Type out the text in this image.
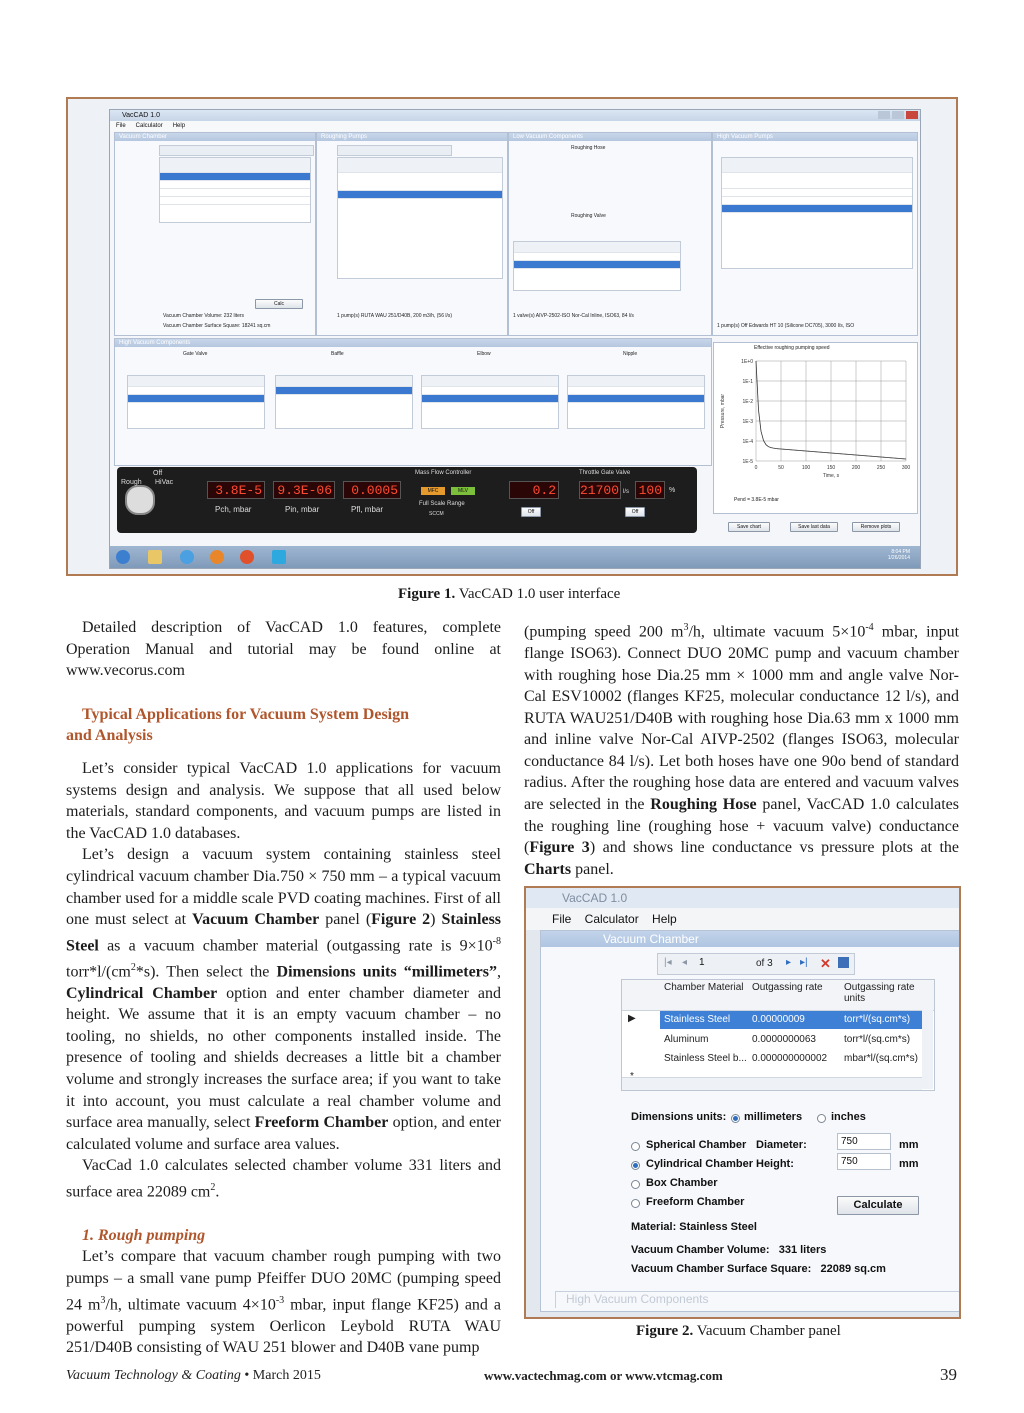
VacCAD 1.0
File Calculator Help
Vacuum Chamber
Calc
Vacuum Chamber Volume: 232 liters
Vacuum Chamber Surface Square: 18241 sq.cm
Roughing Pumps
1 pump(s) RUTA WAU 251/D40B, 200 m3/h, (56 l/s)
Low Vacuum Components
Roughing Hose
Roughing Valve
1 valve(s) AIVP-2502-ISO Nor-Cal Inline, ISO63, 84 l/s
High Vacuum Pumps
1 pump(s) Off Edwards HT 10 (Silicone DC705), 3000 l/s, ISO
High Vacuum Components
Gate Valve	Baffle	Elbow	Nipple
Rough HiVac
Off
3.8E-5	9.3E-06	0.0005
Pch, mbar	Pin, mbar	Pfl, mbar
Mass Flow Controller
MFC	MLV	0.2
Full Scale Range
SCCM	Off
Throttle Gate Valve
21700 l/s 100	%
Off
Effective roughing pumping speed
1E+0
1E-1
1E-2
1E-3
1E-4
1E-5
0	50	100	150	200	250	300
Time, s
Pressure, mbar
Pend = 3.8E-5 mbar
Save chart	Save last data	Remove plots
8:04 PM
1/26/2014
Figure 1. VacCAD 1.0 user interface

Detailed description of VacCAD 1.0 features, complete Operation Manual and tutorial may be found online at www.vecorus.com

Typical Applications for Vacuum System Design and Analysis

Let’s consider typical VacCAD 1.0 applications for vacuum systems design and analysis. We suppose that all used below materials, standard components, and vacuum pumps are listed in the VacCAD 1.0 databases.

Let’s design a vacuum system containing stainless steel cylindrical vacuum chamber Dia.750 × 750 mm – a typical vacuum chamber used for a middle scale PVD coating machines. First of all one must select at Vacuum Chamber panel (Figure 2) Stainless Steel as a vacuum chamber material (outgassing rate is $9\times 10^{-8}$ $torr*l/(cm^2*s)$. Then select the Dimensions units “millimeters”, Cylindrical Chamber option and enter chamber diameter and height. We assume that it is an empty vacuum chamber – no tooling, no shields, no other components installed inside. The presence of tooling and shields decreases a little bit a chamber volume and strongly increases the surface area; if you want to take it into account, you must calculate a real chamber volume and surface area manually, select Freeform Chamber option, and enter calculated volume and surface area values.

VacCad 1.0 calculates selected chamber volume 331 liters and surface area 22089 $cm^2$.

1. Rough pumping

Let’s compare that vacuum chamber rough pumping with two pumps – a small vane pump Pfeiffer DUO 20MC (pumping speed 24 $m^3/h$, ultimate vacuum $4\times 10^{-3}$ mbar, input flange KF25) and a powerful pumping system Oerlicon Leybold RUTA WAU 251/D40B consisting of WAU 251 blower and D40B vane pump

(pumping speed 200 $m^3/h$, ultimate vacuum $5\times 10^{-4}$ mbar, input flange ISO63). Connect DUO 20MC pump and vacuum chamber with roughing hose Dia.25 mm × 1000 mm and angle valve Nor-Cal ESV10002 (flanges KF25, molecular conductance 12 l/s), and RUTA WAU251/D40B with roughing hose Dia.63 mm x 1000 mm and inline valve Nor-Cal AIVP-2502 (flanges ISO63, molecular conductance 84 l/s). Let both hoses have one 90o bend of standard radius. After the roughing hose data are entered and vacuum valves are selected in the Roughing Hose panel, VacCAD 1.0 calculates the roughing line (roughing hose + vacuum valve) conductance (Figure 3) and shows line conductance vs pressure plots at the Charts panel.

VacCAD 1.0
File Calculator Help
Vacuum Chamber
|◂ ◂	1	of 3 ▸ ▸| ✕
Chamber Material Outgassing rate	Outgassing rate units
▶	Stainless Steel 0.00000009	torr*l/(sq.cm*s)
Aluminum	0.0000000063	torr*l/(sq.cm*s)
Stainless Steel b... 0.000000000002 mbar*l/(sq.cm*s)
Dimensions units: millimeters	inches
Spherical Chamber
Cylindrical Chamber
Box Chamber
Freeform Chamber
Diameter:	750	mm
Height:	750	mm
Calculate
Material: Stainless Steel
Vacuum Chamber Volume:   331 liters
Vacuum Chamber Surface Square:   22089 sq.cm
High Vacuum Components
Figure 2. Vacuum Chamber panel
Vacuum Technology & Coating • March 2015	www.vactechmag.com or www.vtcmag.com	39
